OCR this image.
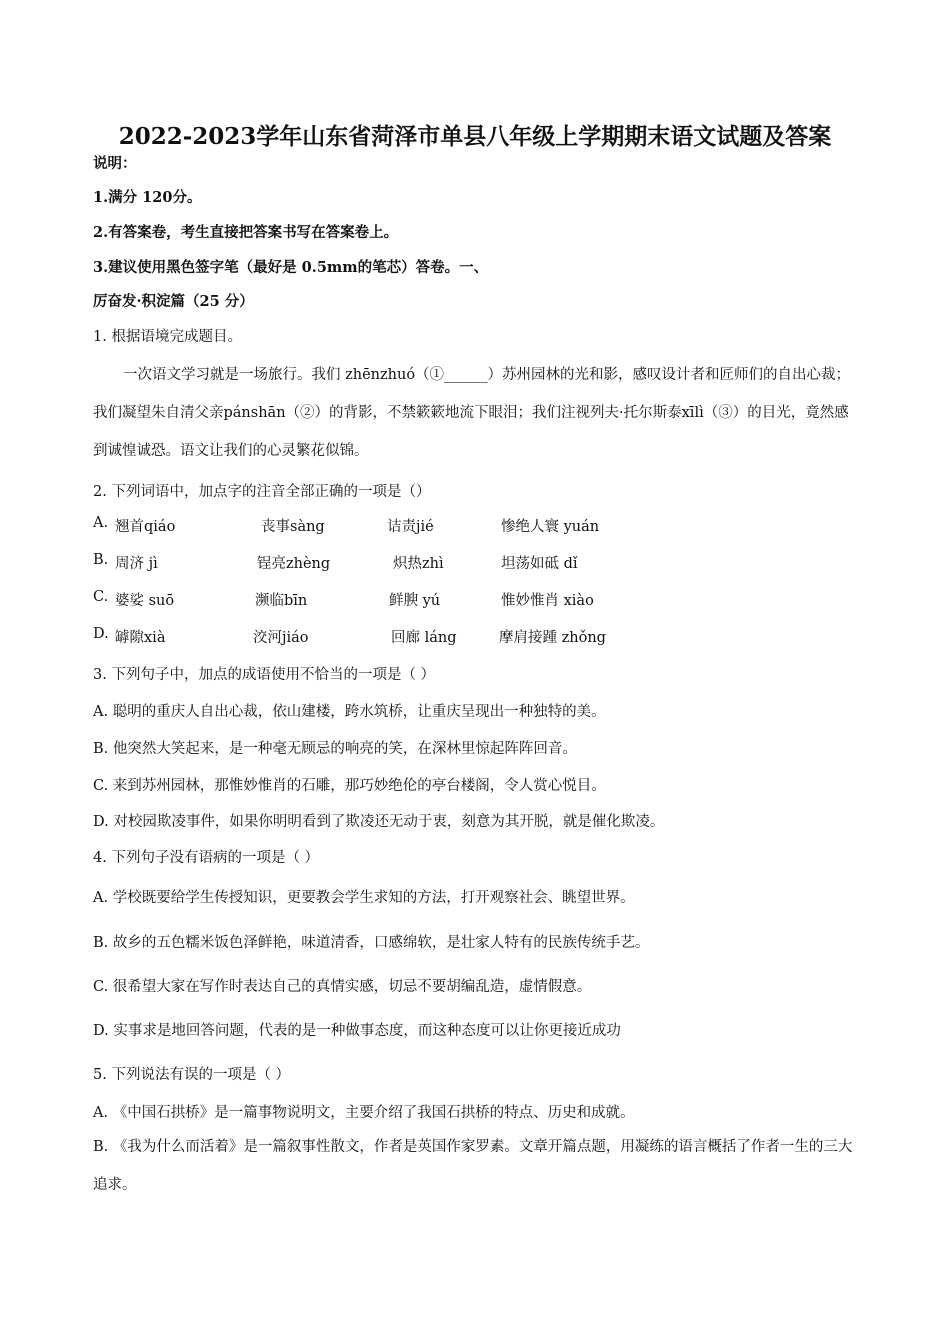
2022-2023学年山东省菏泽市单县八年级上学期期末语文试题及答案
说明：
1.满分 120分。
2.有答案卷，考生直接把答案书写在答案卷上。
3.建议使用黑色签字笔（最好是 0.5mm的笔芯）答卷。一、
厉奋发·积淀篇（25 分）
1. 根据语境完成题目。
一次语文学习就是一场旅行。我们 zhēnzhuó（①______）苏州园林的光和影，感叹设计者和匠师们的自出心裁；我们凝望朱自清父亲pánshān（②）的背影，不禁簌簌地流下眼泪；我们注视列夫·托尔斯泰xīlì（③）的目光，竟然感到诚惶诚恐。语文让我们的心灵繁花似锦。
2. 下列词语中，加点字的注音全部正确的一项是（）
A. 翘首qiáo	丧事sàng	诘责jié	惨绝人寰 yuán
B. 周济 jì	锃亮zhèng	炽热zhì	坦荡如砥 dǐ
C. 婆娑 suō	濒临bīn	鲜腴 yú	惟妙惟肖 xiào
D. 罅隙xià	洨河jiáo	回廊 láng	摩肩接踵 zhǒng
3. 下列句子中，加点的成语使用不恰当的一项是（ ）
A. 聪明的重庆人自出心裁，依山建楼，跨水筑桥，让重庆呈现出一种独特的美。
B. 他突然大笑起来，是一种毫无顾忌的响亮的笑，在深林里惊起阵阵回音。
C. 来到苏州园林，那惟妙惟肖的石雕，那巧妙绝伦的亭台楼阁，令人赏心悦目。
D. 对校园欺凌事件，如果你明明看到了欺凌还无动于衷，刻意为其开脱，就是催化欺凌。
4. 下列句子没有语病的一项是（ ）
A. 学校既要给学生传授知识，更要教会学生求知的方法，打开观察社会、眺望世界。
B. 故乡的五色糯米饭色泽鲜艳，味道清香，口感绵软，是壮家人特有的民族传统手艺。
C. 很希望大家在写作时表达自己的真情实感，切忌不要胡编乱造，虚情假意。
D. 实事求是地回答问题，代表的是一种做事态度，而这种态度可以让你更接近成功
5. 下列说法有误的一项是（ ）
A. 《中国石拱桥》是一篇事物说明文，主要介绍了我国石拱桥的特点、历史和成就。
B. 《我为什么而活着》是一篇叙事性散文，作者是英国作家罗素。文章开篇点题，用凝练的语言概括了作者一生的三大追求。
